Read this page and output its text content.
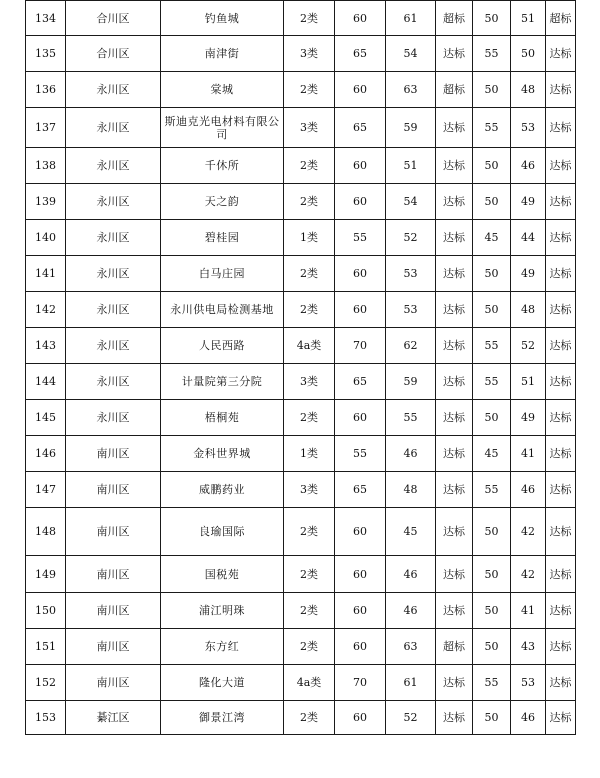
134	合川区	钓鱼城	2类	60	61	超标	50	51	超标
135	合川区	南津街	3类	65	54	达标	55	50	达标
136	永川区	棠城	2类	60	63	超标	50	48	达标
137	永川区	斯迪克光电材料有限公司	3类	65	59	达标	55	53	达标
138	永川区	千休所	2类	60	51	达标	50	46	达标
139	永川区	天之韵	2类	60	54	达标	50	49	达标
140	永川区	碧桂园	1类	55	52	达标	45	44	达标
141	永川区	白马庄园	2类	60	53	达标	50	49	达标
142	永川区	永川供电局检测基地	2类	60	53	达标	50	48	达标
143	永川区	人民西路	4a类	70	62	达标	55	52	达标
144	永川区	计量院第三分院	3类	65	59	达标	55	51	达标
145	永川区	梧桐苑	2类	60	55	达标	50	49	达标
146	南川区	金科世界城	1类	55	46	达标	45	41	达标
147	南川区	威鹏药业	3类	65	48	达标	55	46	达标
148	南川区	良瑜国际	2类	60	45	达标	50	42	达标
149	南川区	国税苑	2类	60	46	达标	50	42	达标
150	南川区	浦江明珠	2类	60	46	达标	50	41	达标
151	南川区	东方红	2类	60	63	超标	50	43	达标
152	南川区	隆化大道	4a类	70	61	达标	55	53	达标
153	綦江区	御景江湾	2类	60	52	达标	50	46	达标
